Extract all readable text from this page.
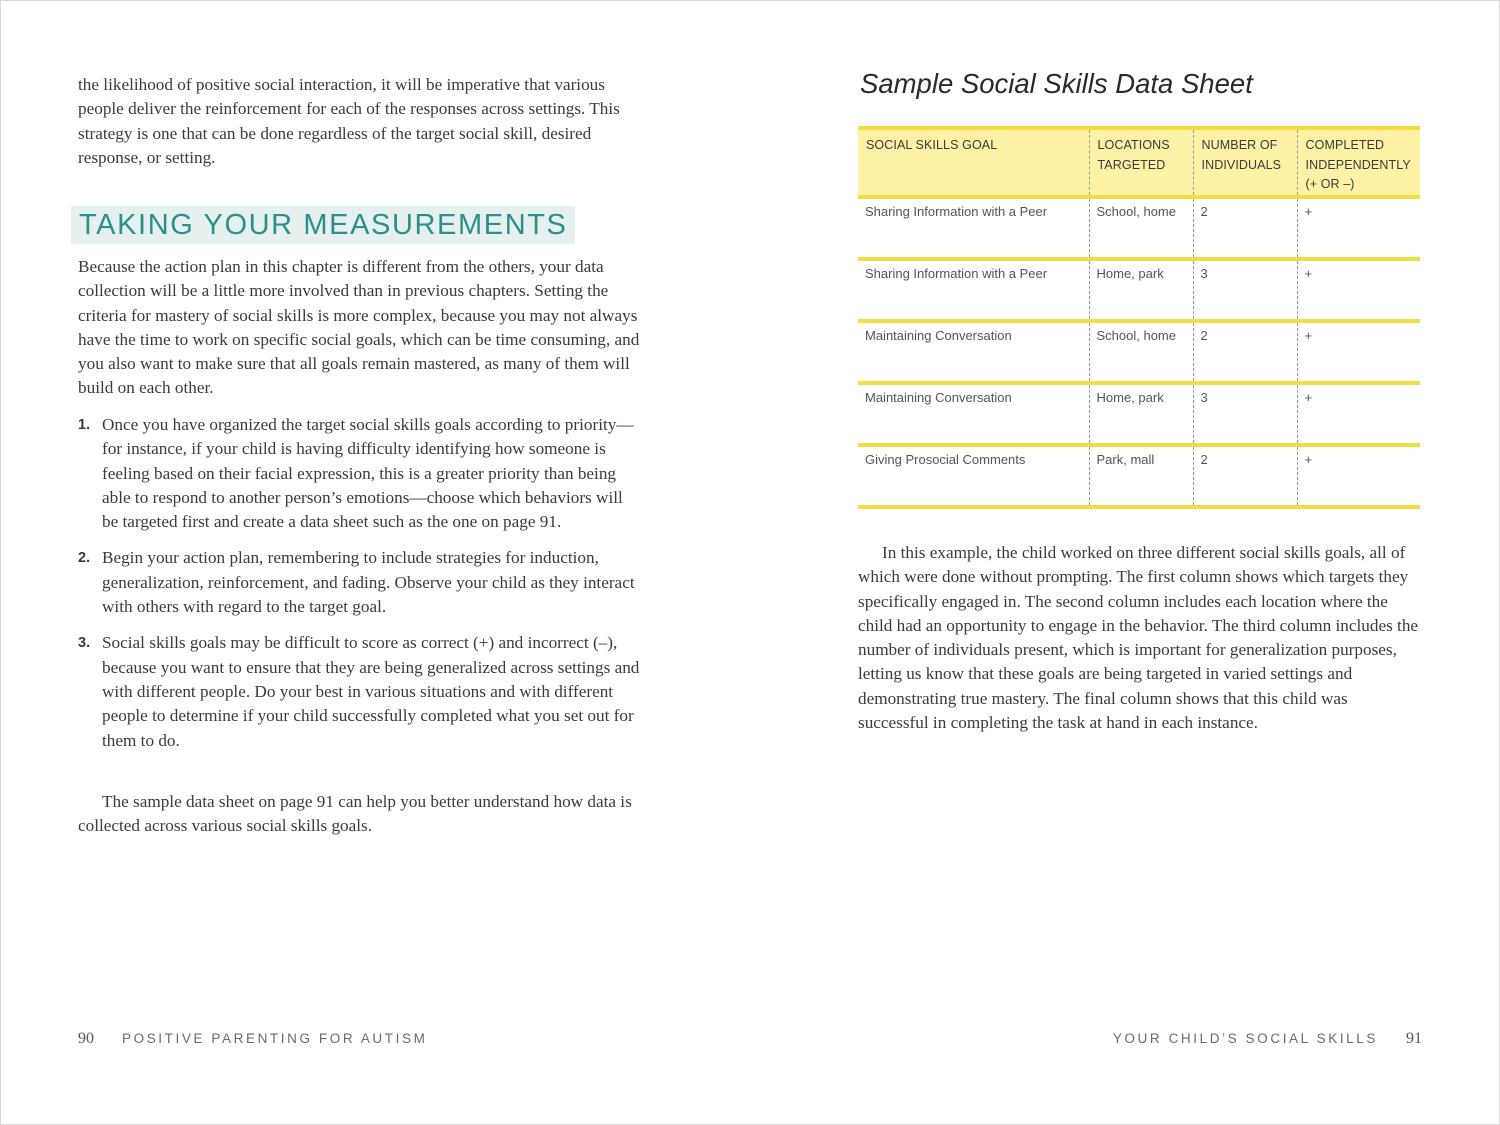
the likelihood of positive social interaction, it will be imperative that various people deliver the reinforcement for each of the responses across settings. This strategy is one that can be done regardless of the target social skill, desired response, or setting.

TAKING YOUR MEASUREMENTS

Because the action plan in this chapter is different from the others, your data collection will be a little more involved than in previous chapters. Setting the criteria for mastery of social skills is more complex, because you may not always have the time to work on specific social goals, which can be time consuming, and you also want to make sure that all goals remain mastered, as many of them will build on each other.

1. Once you have organized the target social skills goals according to priority—for instance, if your child is having difficulty identifying how someone is feeling based on their facial expression, this is a greater priority than being able to respond to another person’s emotions—choose which behaviors will be targeted first and create a data sheet such as the one on page 91.

2. Begin your action plan, remembering to include strategies for induction, generalization, reinforcement, and fading. Observe your child as they interact with others with regard to the target goal.

3. Social skills goals may be difficult to score as correct (+) and incorrect (–), because you want to ensure that they are being generalized across settings and with different people. Do your best in various situations and with different people to determine if your child successfully completed what you set out for them to do.

The sample data sheet on page 91 can help you better understand how data is collected across various social skills goals.

90 POSITIVE PARENTING FOR AUTISM
Sample Social Skills Data Sheet
SOCIAL SKILLS GOAL	LOCATIONS TARGETED	NUMBER OF INDIVIDUALS	COMPLETED INDEPENDENTLY (+ OR –)
Sharing Information with a Peer	School, home	2	+
Sharing Information with a Peer	Home, park	3	+
Maintaining Conversation	School, home	2	+
Maintaining Conversation	Home, park	3	+
Giving Prosocial Comments	Park, mall	2	+

In this example, the child worked on three different social skills goals, all of which were done without prompting. The first column shows which targets they specifically engaged in. The second column includes each location where the child had an opportunity to engage in the behavior. The third column includes the number of individuals present, which is important for generalization purposes, letting us know that these goals are being targeted in varied settings and demonstrating true mastery. The final column shows that this child was successful in completing the task at hand in each instance.

YOUR CHILD’S SOCIAL SKILLS 91
